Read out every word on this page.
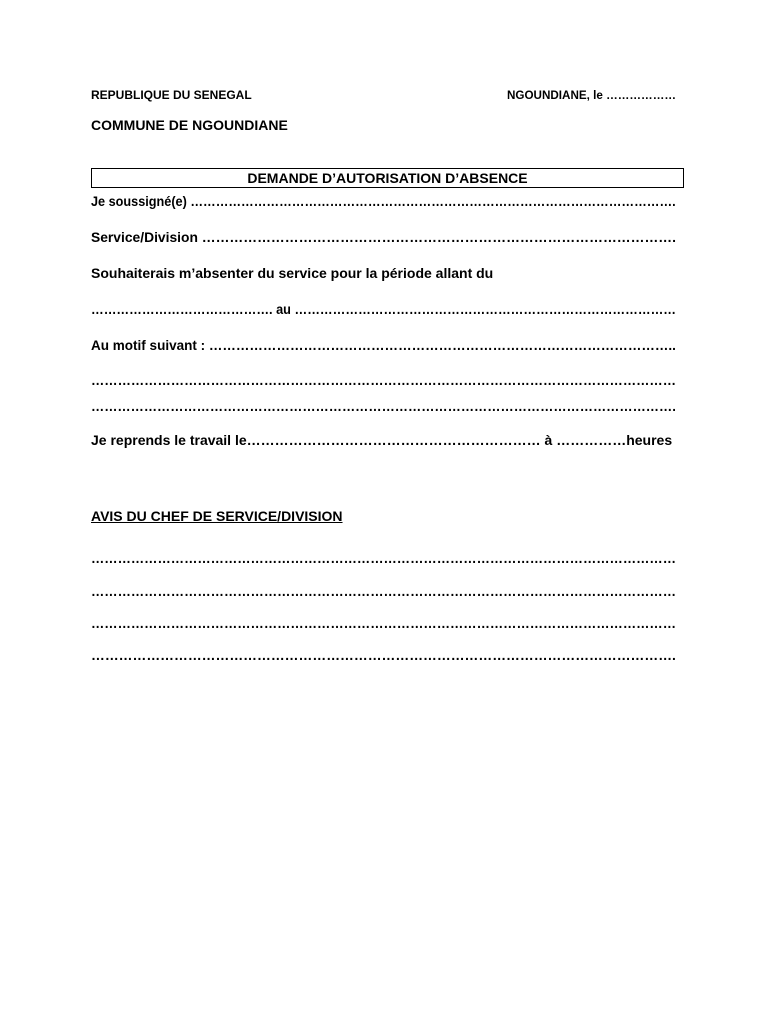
REPUBLIQUE DU SENEGAL	NGOUNDIANE, le ………………
COMMUNE DE NGOUNDIANE
DEMANDE D’AUTORISATION D’ABSENCE
Je soussigné(e) …………………………………………………………………………………………………….
Service/Division ………………………………………………………………………………………….
Souhaiterais m’absenter du service pour la période allant du
……………………………………. au ………………………………………………………………………………
Au motif suivant : …………………………………………………………………………………………..
……………………………………………………………………………………………………………………
…………………………………………………………………………………………………………………….
Je reprends le travail le……………………………………………………… à ……………heures
AVIS DU CHEF DE SERVICE/DIVISION
……………………………………………………………………………………………………………………
……………………………………………………………………………………………………………………
……………………………………………………………………………………………………………………
……………………………………………………………………………………………………………….
